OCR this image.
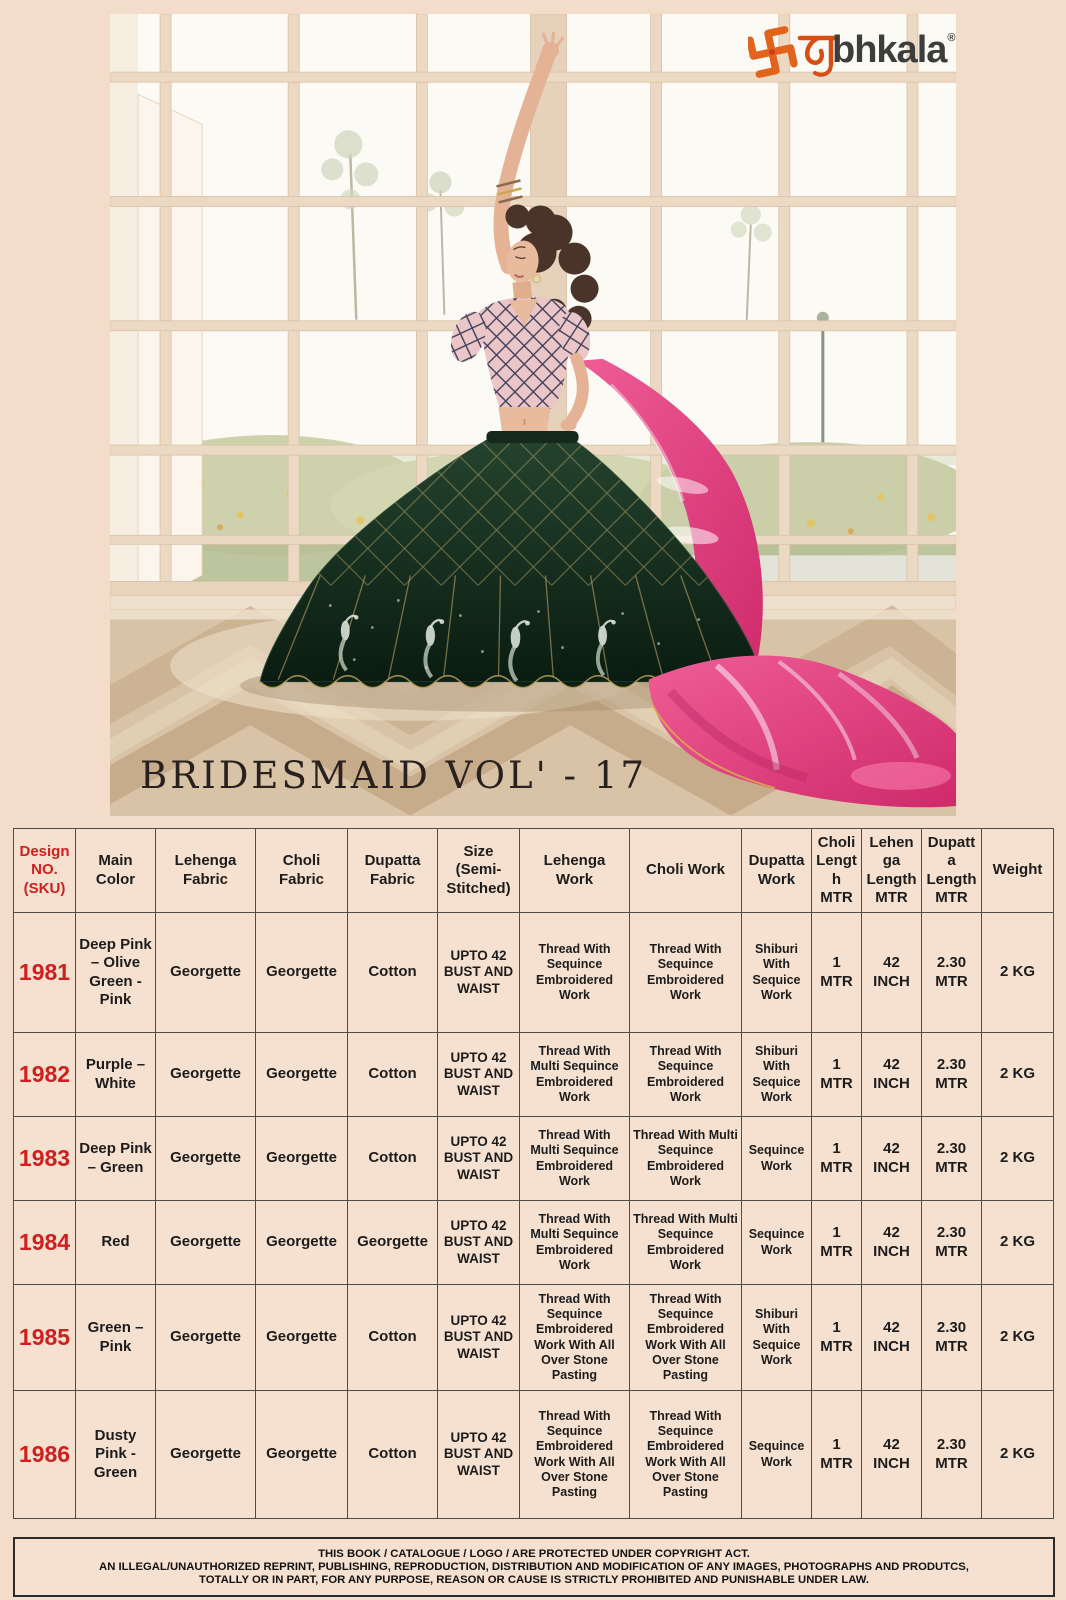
BRIDESMAID VOL' - 17
bhkala®
Design NO. (SKU)	Main Color	Lehenga Fabric	Choli Fabric	Dupatta Fabric	Size (Semi-Stitched)	Lehenga Work	Choli Work	Dupatta Work	Choli Length MTR	Lehenga Length MTR	Dupatta Length MTR	Weight
1981	Deep Pink – Olive Green - Pink	Georgette	Georgette	Cotton	UPTO 42 BUST AND WAIST	Thread With Sequince Embroidered Work	Thread With Sequince Embroidered Work	Shiburi With Sequice Work	1 MTR	42 INCH	2.30 MTR	2 KG
1982	Purple – White	Georgette	Georgette	Cotton	UPTO 42 BUST AND WAIST	Thread With Multi Sequince Embroidered Work	Thread With Sequince Embroidered Work	Shiburi With Sequice Work	1 MTR	42 INCH	2.30 MTR	2 KG
1983	Deep Pink – Green	Georgette	Georgette	Cotton	UPTO 42 BUST AND WAIST	Thread With Multi Sequince Embroidered Work	Thread With Multi Sequince Embroidered Work	Sequince Work	1 MTR	42 INCH	2.30 MTR	2 KG
1984	Red	Georgette	Georgette	Georgette	UPTO 42 BUST AND WAIST	Thread With Multi Sequince Embroidered Work	Thread With Multi Sequince Embroidered Work	Sequince Work	1 MTR	42 INCH	2.30 MTR	2 KG
1985	Green – Pink	Georgette	Georgette	Cotton	UPTO 42 BUST AND WAIST	Thread With Sequince Embroidered Work With All Over Stone Pasting	Thread With Sequince Embroidered Work With All Over Stone Pasting	Shiburi With Sequice Work	1 MTR	42 INCH	2.30 MTR	2 KG
1986	Dusty Pink - Green	Georgette	Georgette	Cotton	UPTO 42 BUST AND WAIST	Thread With Sequince Embroidered Work With All Over Stone Pasting	Thread With Sequince Embroidered Work With All Over Stone Pasting	Sequince Work	1 MTR	42 INCH	2.30 MTR	2 KG
THIS BOOK / CATALOGUE / LOGO / ARE PROTECTED UNDER COPYRIGHT ACT.
AN ILLEGAL/UNAUTHORIZED REPRINT, PUBLISHING, REPRODUCTION, DISTRIBUTION AND MODIFICATION OF ANY IMAGES, PHOTOGRAPHS AND PRODUTCS,
TOTALLY OR IN PART, FOR ANY PURPOSE, REASON OR CAUSE IS STRICTLY PROHIBITED AND PUNISHABLE UNDER LAW.
